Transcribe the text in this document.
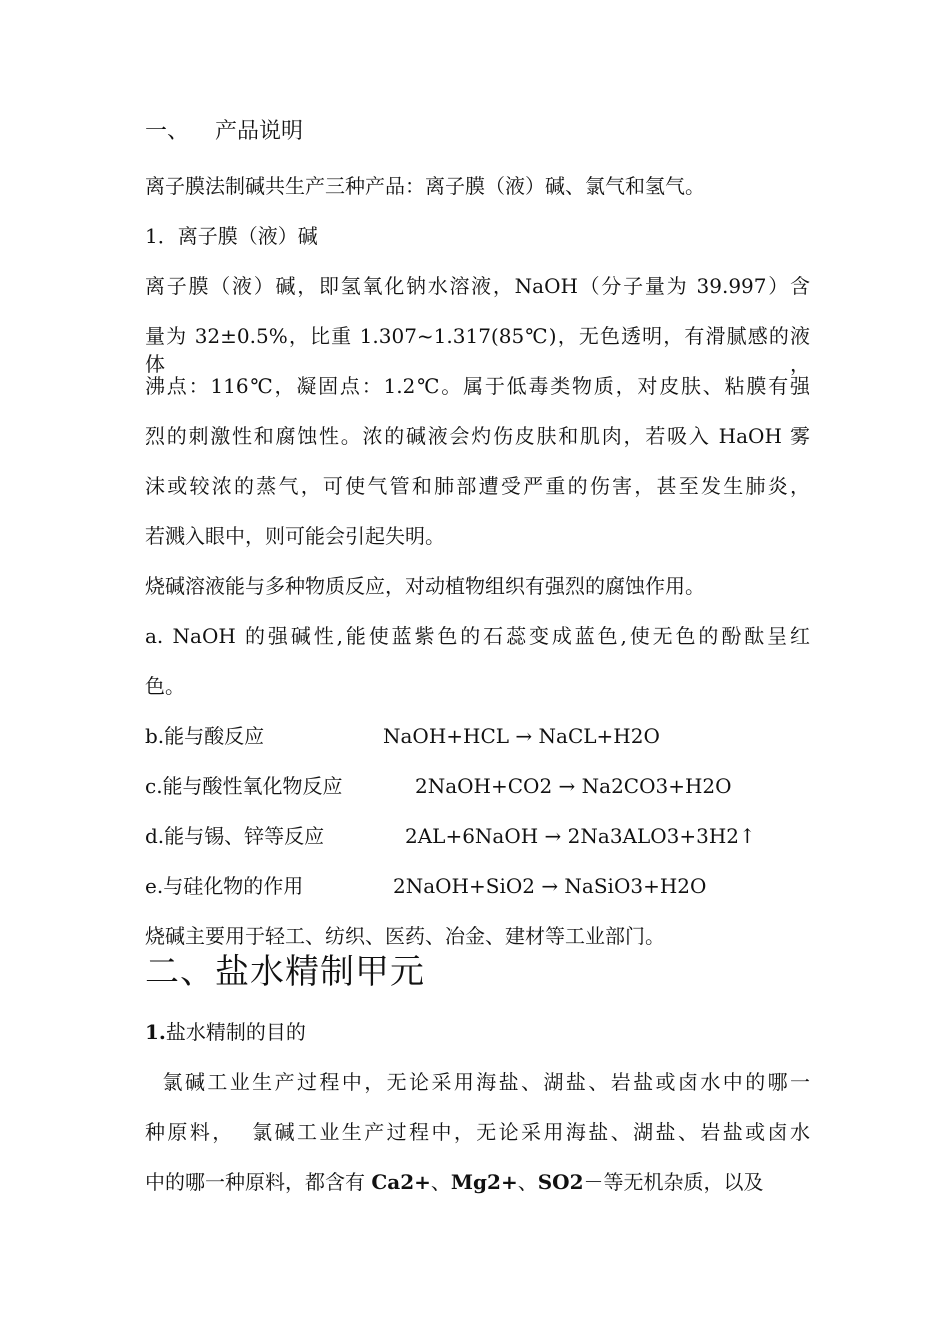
一、 产品说明
离子膜法制碱共生产三种产品：离子膜（液）碱、氯气和氢气。
1．离子膜（液）碱
离子膜（液）碱，即氢氧化钠水溶液，NaOH（分子量为 39.997）含
量为 32±0.5%，比重 1.307~1.317(85℃)，无色透明，有滑腻感的液体，
沸点：116℃，凝固点：1.2℃。属于低毒类物质，对皮肤、粘膜有强
烈的刺激性和腐蚀性。浓的碱液会灼伤皮肤和肌肉，若吸入 HaOH 雾
沫或较浓的蒸气，可使气管和肺部遭受严重的伤害，甚至发生肺炎，
若溅入眼中，则可能会引起失明。
烧碱溶液能与多种物质反应，对动植物组织有强烈的腐蚀作用。
a. NaOH 的强碱性,能使蓝紫色的石蕊变成蓝色,使无色的酚酞呈红
色。
b.能与酸反应	NaOH+HCL → NaCL+H2O
c.能与酸性氧化物反应	2NaOH+CO2 → Na2CO3+H2O
d.能与锡、锌等反应	2AL+6NaOH → 2Na3ALO3+3H2↑
e.与硅化物的作用	2NaOH+SiO2 → NaSiO3+H2O
烧碱主要用于轻工、纺织、医药、冶金、建材等工业部门。
二、盐水精制甲元
1.盐水精制的目的
氯碱工业生产过程中，无论采用海盐、湖盐、岩盐或卤水中的哪一
种原料，  氯碱工业生产过程中，无论采用海盐、湖盐、岩盐或卤水
中的哪一种原料，都含有 Ca2+、Mg2+、SO2－等无机杂质，以及
